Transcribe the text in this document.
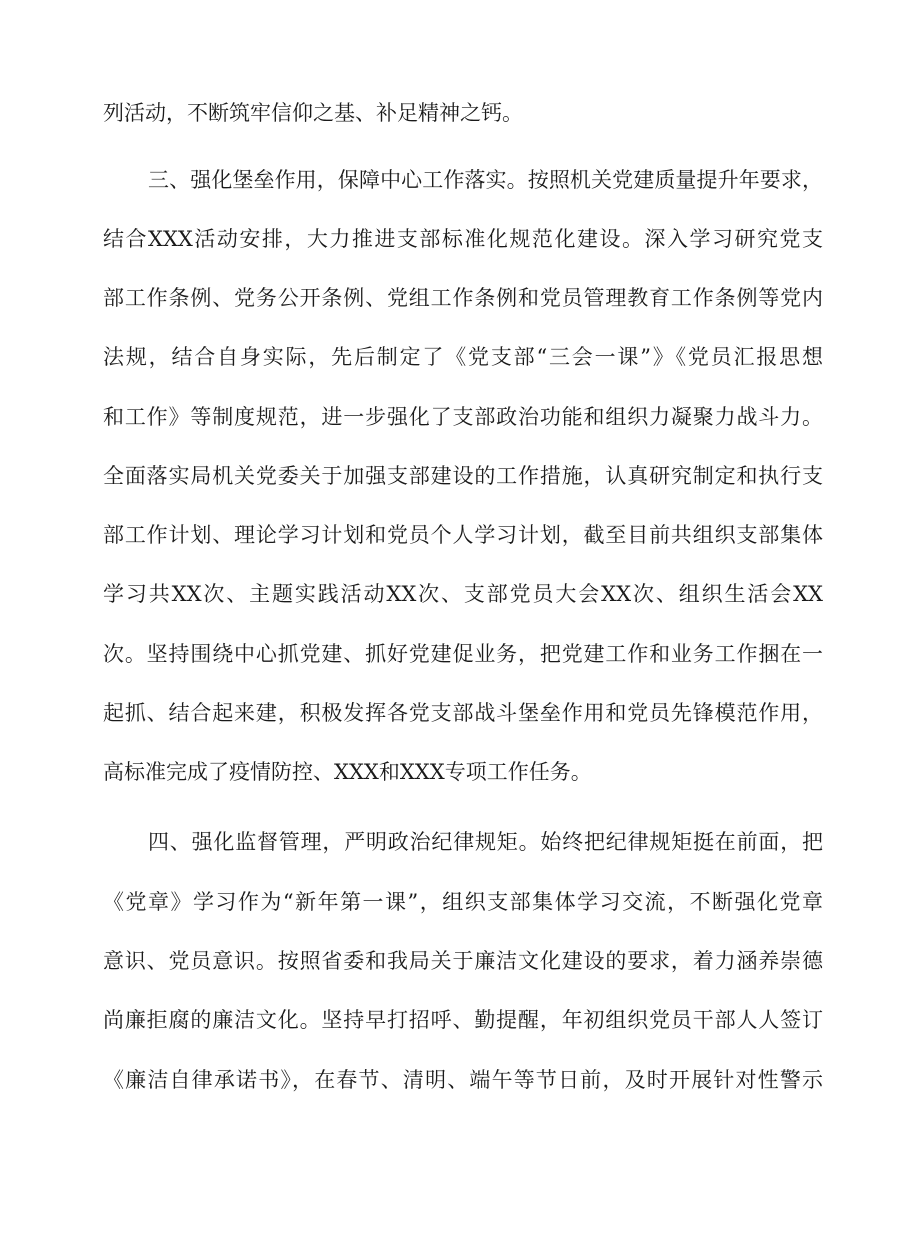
列活动，不断筑牢信仰之基、补足精神之钙。
三、强化堡垒作用，保障中心工作落实。按照机关党建质量提升年要求，
结合XXX活动安排，大力推进支部标准化规范化建设。深入学习研究党支
部工作条例、党务公开条例、党组工作条例和党员管理教育工作条例等党内
法规，结合自身实际，先后制定了《党支部“三会一课”》《党员汇报思想
和工作》等制度规范，进一步强化了支部政治功能和组织力凝聚力战斗力。
全面落实局机关党委关于加强支部建设的工作措施，认真研究制定和执行支
部工作计划、理论学习计划和党员个人学习计划，截至目前共组织支部集体
学习共XX次、主题实践活动XX次、支部党员大会XX次、组织生活会XX
次。坚持围绕中心抓党建、抓好党建促业务，把党建工作和业务工作捆在一
起抓、结合起来建，积极发挥各党支部战斗堡垒作用和党员先锋模范作用，
高标准完成了疫情防控、XXX和XXX专项工作任务。
四、强化监督管理，严明政治纪律规矩。始终把纪律规矩挺在前面，把
《党章》学习作为“新年第一课”，组织支部集体学习交流，不断强化党章
意识、党员意识。按照省委和我局关于廉洁文化建设的要求，着力涵养崇德
尚廉拒腐的廉洁文化。坚持早打招呼、勤提醒，年初组织党员干部人人签订
《廉洁自律承诺书》，在春节、清明、端午等节日前，及时开展针对性警示
